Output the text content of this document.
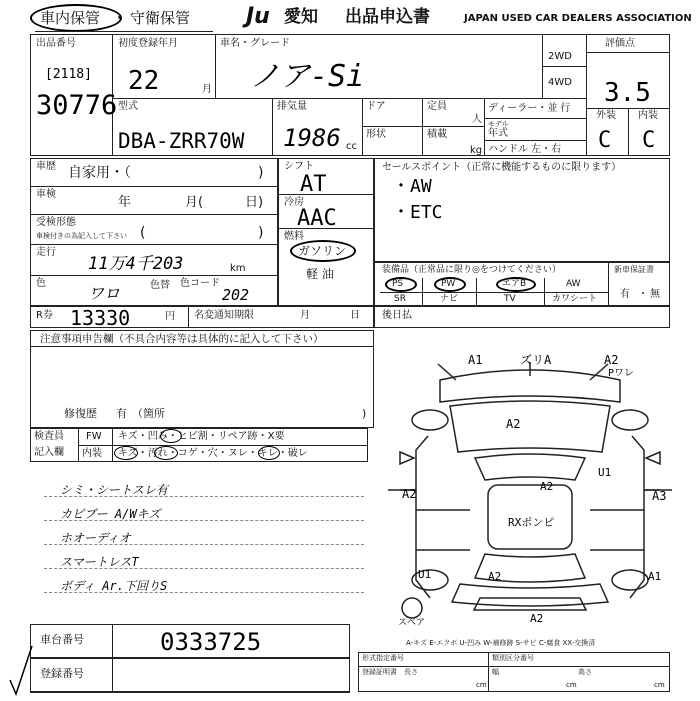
車内保管 ・ 守衛保管	Ju 愛知 出品申込書	JAPAN USED CAR DEALERS ASSOCIATION
出品番号
[2118]
30776
初度登録年月
22	月
車名・グレード
ノア-Si
2WD
4WD
評価点
3.5
外装 内装
C C
型式
DBA-ZRR70W
排気量
1986 cc
ドア	定員
人
形状	積載
kg
ディーラー・並 行
モデル
年式
ハンドル 左・右
車歴 自家用・（	)
車検
年	月(	日)
受検形態
車検付きの為記入して下さい (	)
走行
11万4千203	km
色
ワロ	色替 色コード
202
シフト
AT
冷房
AAC
燃料
ガソリン
軽 油
セールスポイント（正常に機能するものに限ります）
・AW
・ETC
装備品（正常品に限り◎をつけてください）
PS	PW	エアB	AW
SR	ナビ	TV	カワシート
新車保証書
有 ・ 無
R券 13330	円 名変通知期限	月	日 後日払
注意事項申告欄（不具合内容等は具体的に記入して下さい）
修復歴 有 （箇所	)
検査員
記入欄
FW キズ・凹み・ヒビ割・リペア跡・X要
内装 キズ・汚れ・コゲ・穴・ヌレ・キレ・破レ
シミ・シートスレ有
カピブー A/Wキズ
ホオーディオ
スマートレスT
ボディ Ar.下回りS
A1	ズリA	A2
Pワレ
A2
U1
A2	A3
A2
RXポンピ
U1	A2	A1
A2
スペア
A-キズ E-エクボ U-凹み W-補修跡 S-サビ C-腐食 XX-交換済
車台番号	0333725
登録番号
形式指定番号	類別区分番号
登録証明書 長さ
cm
幅
cm
高さ
cm
